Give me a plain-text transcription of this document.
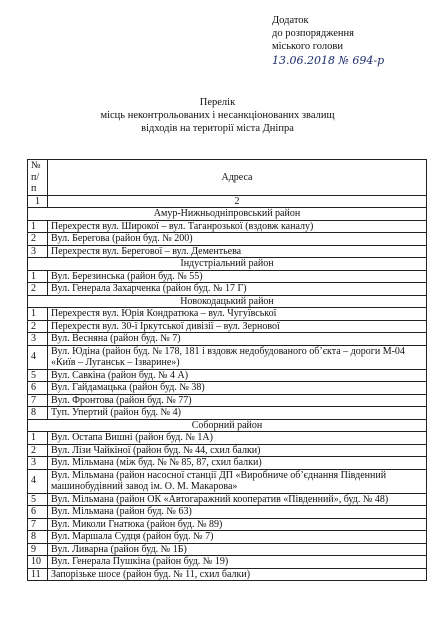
Додаток
до розпорядження
міського голови
13.06.2018 № 694-р
Перелік
місць неконтрольованих і несанкціонованих звалищ
відходів на території міста Дніпра
№ п/п	Адреса
1	2
Амур-Нижньодніпровський район	
1	Перехрестя вул. Широкої – вул. Таганрозької (вздовж каналу)
2	Вул. Берегова (район буд. № 200)
3	Перехрестя вул. Берегової – вул. Дементьева
Індустріальний район	
1	Вул. Березинська (район буд. № 55)
2	Вул. Генерала Захарченка (район буд. № 17 Г)
Новокодацький район	
1	Перехрестя вул. Юрія Кондратюка – вул. Чугуївської
2	Перехрестя вул. 30-ї Іркутської дивізії – вул. Зернової
3	Вул. Весняна (район буд. № 7)
4	Вул. Юдіна (район буд. № 178, 181 і вздовж недобудованого об’єкта – дороги М-04 «Київ – Луганськ – Ізварине»)
5	Вул. Савкіна (район буд. № 4 А)
6	Вул. Гайдамацька (район буд. № 38)
7	Вул. Фронтова (район буд. № 77)
8	Туп. Упертий (район буд. № 4)
Соборний район	
1	Вул. Остапа Вишні (район буд. № 1А)
2	Вул. Лізи Чайкіної (район буд. № 44, схил балки)
3	Вул. Мільмана (між буд. № № 85, 87, схил балки)
4	Вул. Мільмана (район насосної станції ДП «Виробниче об’єднання Південний машинобудівний завод ім. О. М. Макарова»
5	Вул. Мільмана (район ОК «Автогаражний кооператив «Південний», буд. № 48)
6	Вул. Мільмана (район буд. № 63)
7	Вул. Миколи Гнатюка (район буд. № 89)
8	Вул. Маршала Судця (район буд. № 7)
9	Вул. Ливарна (район буд. № 1Б)
10	Вул. Генерала Пушкіна (район буд. № 19)
11	Запорізьке шосе (район буд. № 11, схил балки)
